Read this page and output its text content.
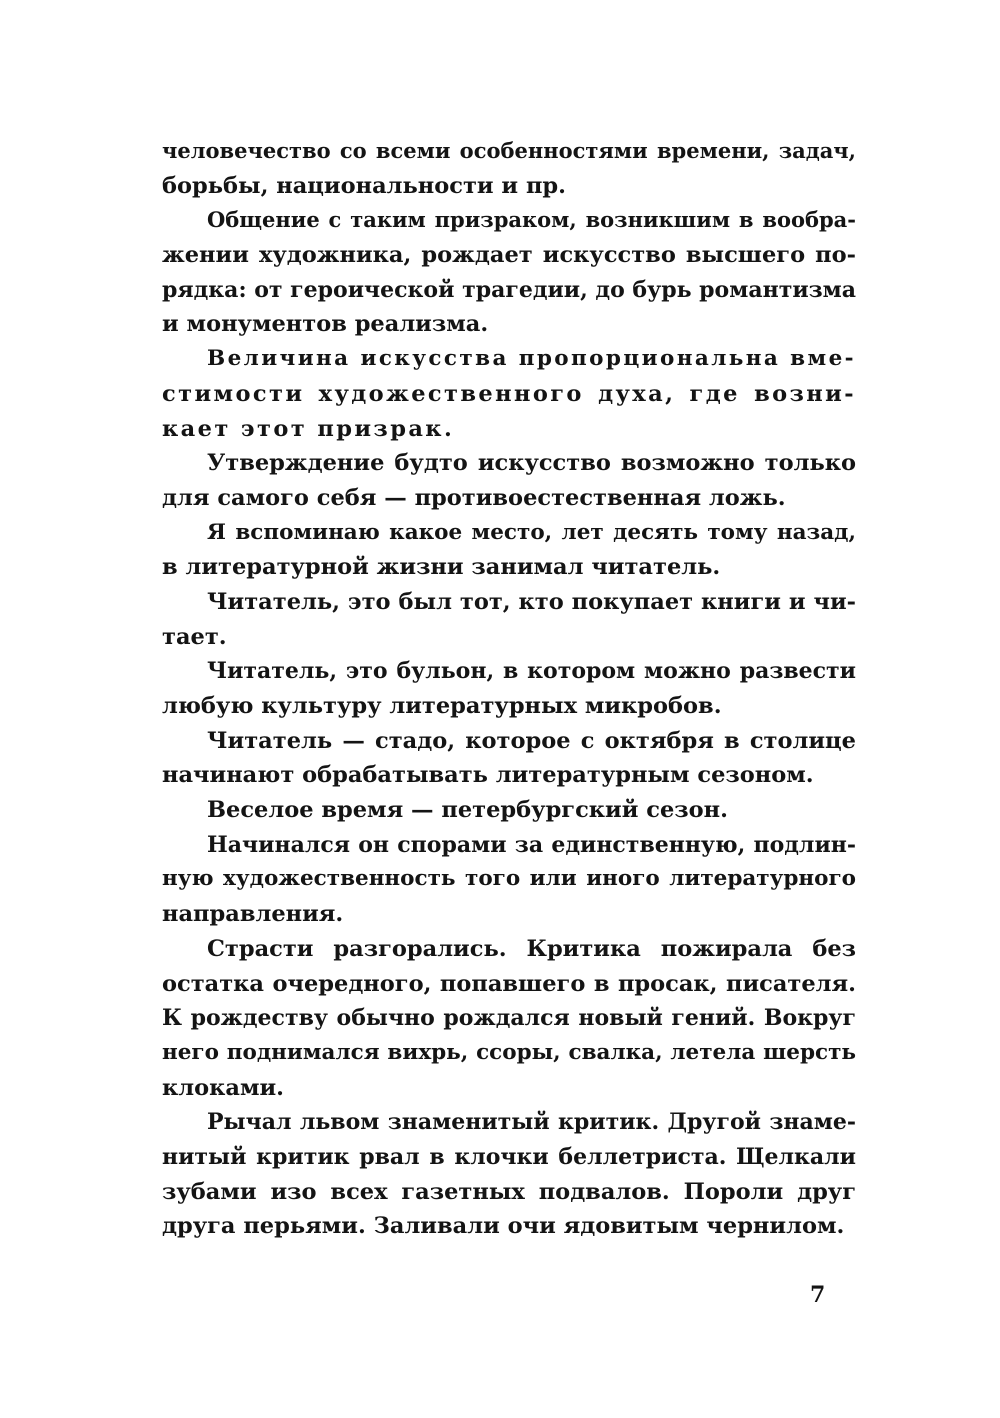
человечество со всеми особенностями времени, задач,
борьбы, национальности и пр.
Общение с таким призраком, возникшим в вообра-
жении художника, рождает искусство высшего по-
рядка: от героической трагедии, до бурь романтизма
и монументов реализма.
Величина искусства пропорциональна вме-
стимости художественного духа, где возни-
кает этот призрак.
Утверждение будто искусство возможно только
для самого себя — противоестественная ложь.
Я вспоминаю какое место, лет десять тому назад,
в литературной жизни занимал читатель.
Читатель, это был тот, кто покупает книги и чи-
тает.
Читатель, это бульон, в котором можно развести
любую культуру литературных микробов.
Читатель — стадо, которое с октября в столице
начинают обрабатывать литературным сезоном.
Веселое время — петербургский сезон.
Начинался он спорами за единственную, подлин-
ную художественность того или иного литературного
направления.
Страсти разгорались. Критика пожирала без
остатка очередного, попавшего в просак, писателя.
К рождеству обычно рождался новый гений. Вокруг
него поднимался вихрь, ссоры, свалка, летела шерсть
клоками.
Рычал львом знаменитый критик. Другой знаме-
нитый критик рвал в клочки беллетриста. Щелкали
зубами изо всех газетных подвалов. Пороли друг
друга перьями. Заливали очи ядовитым чернилом.
7
